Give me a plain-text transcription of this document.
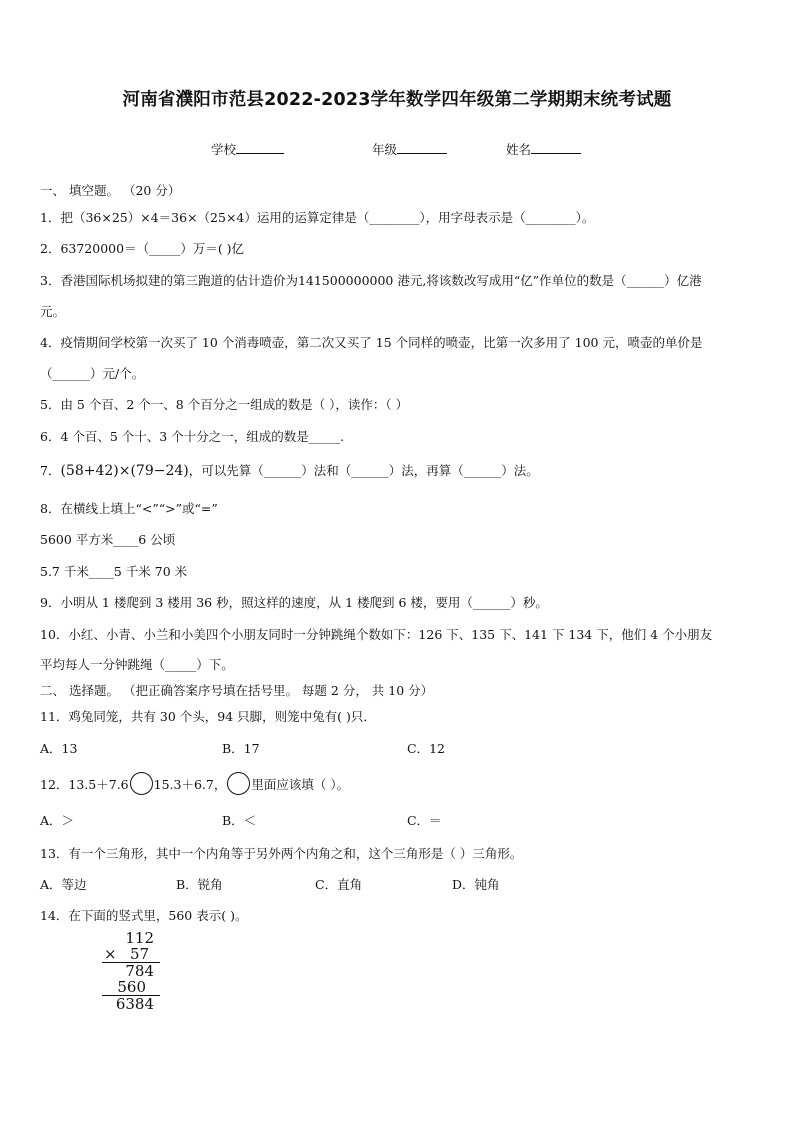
河南省濮阳市范县2022-2023学年数学四年级第二学期期末统考试题
学校	年级	姓名
一、 填空题。 （20 分）
1．把（36×25）×4＝36×（25×4）运用的运算定律是（________），用字母表示是（________）。
2．63720000＝（_____）万＝( )亿
3．香港国际机场拟建的第三跑道的估计造价为141500000000 港元,将该数改写成用“亿”作单位的数是（______）亿港
元。
4．疫情期间学校第一次买了 10 个消毒喷壶，第二次又买了 15 个同样的喷壶，比第一次多用了 100 元，喷壶的单价是
（______）元/个。
5．由 5 个百、2 个一、8 个百分之一组成的数是（ ），读作：（ ）
6．4 个百、5 个十、3 个十分之一，组成的数是_____.
7．(58+42)×(79−24)，可以先算（______）法和（______）法，再算（______）法。
8．在横线上填上“<”“>”或“=”
5600 平方米____6 公顷
5.7 千米____5 千米 70 米
9．小明从 1 楼爬到 3 楼用 36 秒，照这样的速度，从 1 楼爬到 6 楼，要用（______）秒。
10．小红、小青、小兰和小美四个小朋友同时一分钟跳绳个数如下：126 下、135 下、141 下 134 下，他们 4 个小朋友
平均每人一分钟跳绳（_____）下。
二、 选择题。 （把正确答案序号填在括号里。 每题 2 分， 共 10 分）
11．鸡兔同笼，共有 30 个头，94 只脚，则笼中兔有( )只．
A．13	B．17	C．12
12．13.5＋7.6 15.3＋6.7， 里面应该填（ ）。
A．＞	B．＜	C．＝
13．有一个三角形，其中一个内角等于另外两个内角之和，这个三角形是（ ）三角形。
A．等边	B．锐角	C．直角	D．钝角
14．在下面的竖式里，560 表示( )。
112
× 57
784
560
6384
